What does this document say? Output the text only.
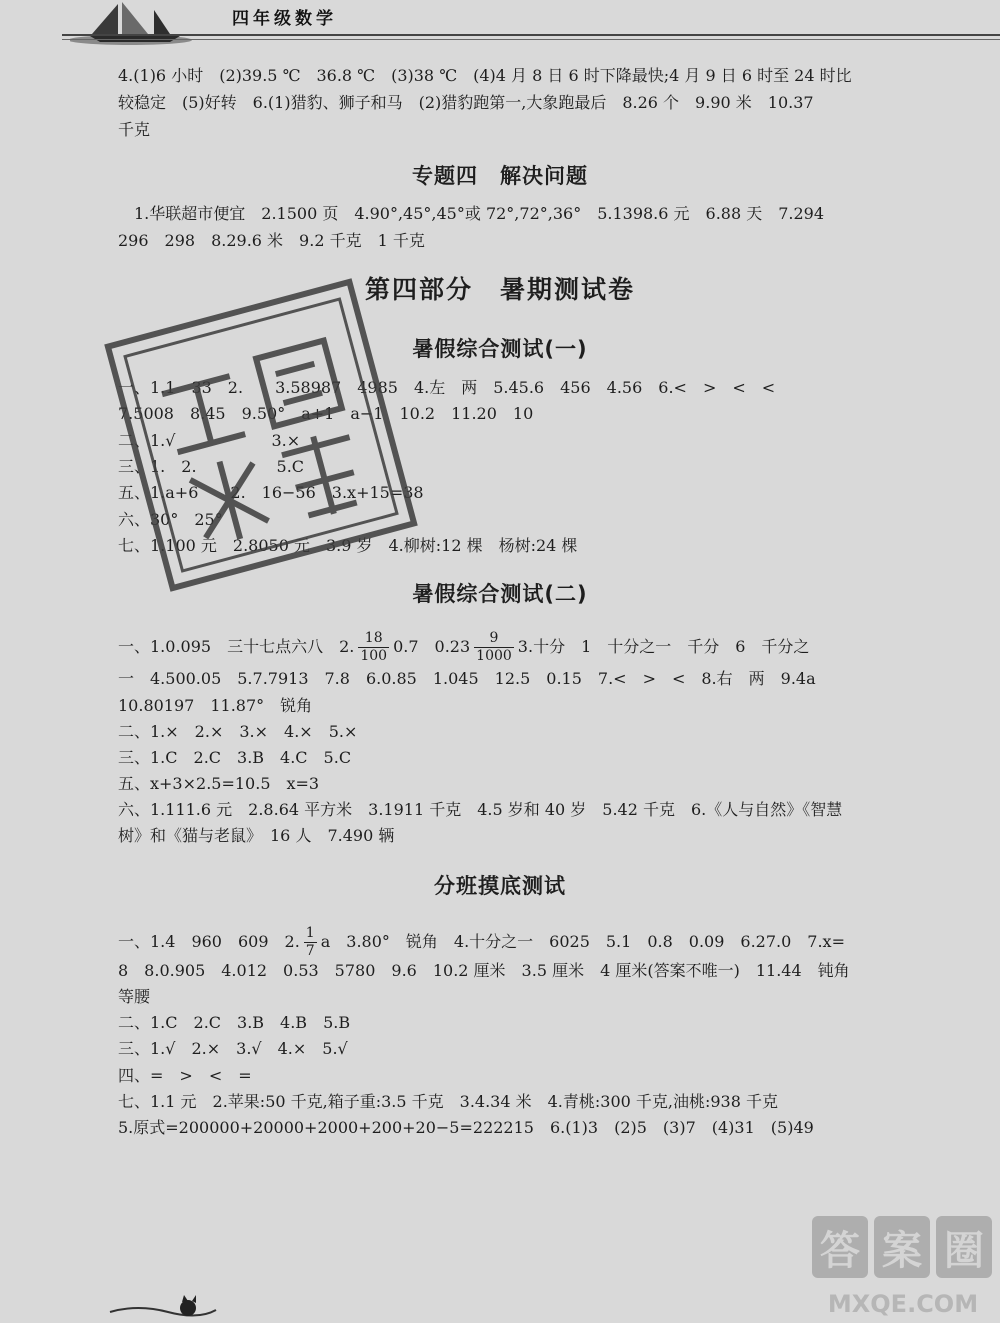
四年级数学
4.(1)6 小时　(2)39.5 ℃　36.8 ℃　(3)38 ℃　(4)4 月 8 日 6 时下降最快;4 月 9 日 6 时至 24 时比
较稳定　(5)好转　6.(1)猎豹、狮子和马　(2)猎豹跑第一,大象跑最后　8.26 个　9.90 米　10.37
千克
专题四　解决问题
　1.华联超市便宜　2.1500 页　4.90°,45°,45°或 72°,72°,36°　5.1398.6 元　6.88 天　7.294
296　298　8.29.6 米　9.2 千克　1 千克
第四部分　暑期测试卷
暑假综合测试(一)
一、1.1　33　2.　　3.58987　4985　4.左　两　5.45.6　456　4.56　6.<　>　<　<
7.5008　8.45　9.50°　a+1　a−1　10.2　11.20　10
二、1.√　　　　　　3.×
三、1.　2.　　　　　5.C
五、1.a+6　　2.　16−56　3.x+15=38
六、30°　25°
七、1.100 元　2.8050 元　3.9 岁　4.柳树:12 棵　杨树:24 棵
暑假综合测试(二)
一、1.0.095　三十七点六八　2. $\frac{18}{100} 0.7$　$0.23 \frac{9}{1000} 3$.十分　1　十分之一　千分　6　千分之
一　4.500.05　5.7.7913　7.8　6.0.85　1.045　12.5　0.15　7.<　>　<　8.右　两　9.4a
10.80197　11.87°　锐角
二、1.×　2.×　3.×　4.×　5.×
三、1.C　2.C　3.B　4.C　5.C
五、x+3×2.5=10.5　x=3
六、1.111.6 元　2.8.64 平方米　3.1911 千克　4.5 岁和 40 岁　5.42 千克　6.《人与自然》《智慧
树》和《猫与老鼠》　16 人　7.490 辆
分班摸底测试
一、1.4　960　609　2. $\frac{1}{7}$ a　3.80°　锐角　4.十分之一　6025　5.1　0.8　0.09　6.27.0　7.x=
8　8.0.905　4.012　0.53　5780　9.6　10.2 厘米　3.5 厘米　4 厘米(答案不唯一)　11.44　钝角
等腰
二、1.C　2.C　3.B　4.B　5.B
三、1.√　2.×　3.√　4.×　5.√
四、=　>　<　=
七、1.1 元　2.苹果:50 千克,箱子重:3.5 千克　3.4.34 米　4.青桃:300 千克,油桃:938 千克
5.原式=200000+20000+2000+200+20−5=222215　6.(1)3　(2)5　(3)7　(4)31　(5)49
MXQE.COM
答 案 圈
